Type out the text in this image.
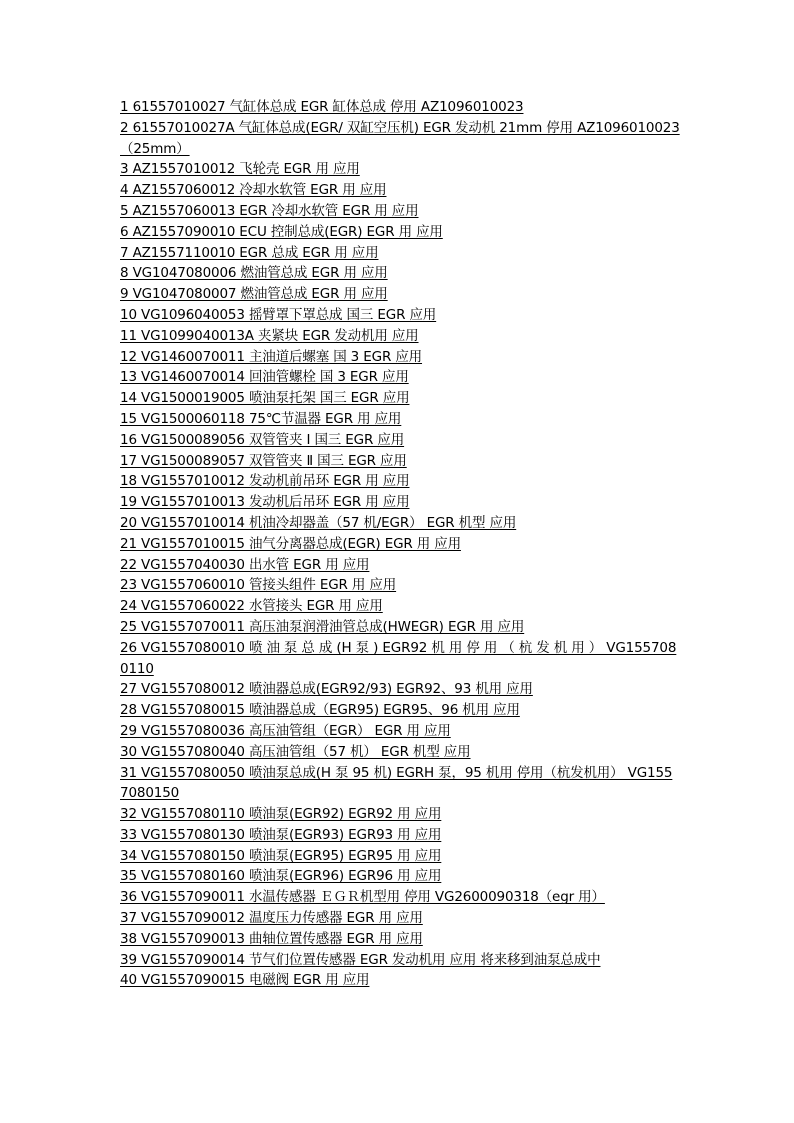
1 61557010027 气缸体总成 EGR 缸体总成 停用 AZ1096010023
2 61557010027A 气缸体总成(EGR/ 双缸空压机) EGR 发动机 21mm 停用 AZ1096010023（25mm）
3 AZ1557010012 飞轮壳 EGR 用 应用
4 AZ1557060012 冷却水软管 EGR 用 应用
5 AZ1557060013 EGR 冷却水软管 EGR 用 应用
6 AZ1557090010 ECU 控制总成(EGR) EGR 用 应用
7 AZ1557110010 EGR 总成 EGR 用 应用
8 VG1047080006 燃油管总成 EGR 用 应用
9 VG1047080007 燃油管总成 EGR 用 应用
10 VG1096040053 摇臂罩下罩总成 国三 EGR 应用
11 VG1099040013A 夹紧块 EGR 发动机用 应用
12 VG1460070011 主油道后螺塞 国 3 EGR 应用
13 VG1460070014 回油管螺栓 国 3 EGR 应用
14 VG1500019005 喷油泵托架 国三 EGR 应用
15 VG1500060118 75℃节温器 EGR 用 应用
16 VG1500089056 双管管夹 I 国三 EGR 应用
17 VG1500089057 双管管夹 Ⅱ 国三 EGR 应用
18 VG1557010012 发动机前吊环 EGR 用 应用
19 VG1557010013 发动机后吊环 EGR 用 应用
20 VG1557010014 机油冷却器盖（57 机/EGR） EGR 机型 应用
21 VG1557010015 油气分离器总成(EGR) EGR 用 应用
22 VG1557040030 出水管 EGR 用 应用
23 VG1557060010 管接头组件 EGR 用 应用
24 VG1557060022 水管接头 EGR 用 应用
25 VG1557070011 高压油泵润滑油管总成(HWEGR) EGR 用 应用
26 VG1557080010 喷 油 泵 总 成 (H 泵 ) EGR92 机 用 停 用 （ 杭 发 机 用 ） VG1557080110
27 VG1557080012 喷油器总成(EGR92/93) EGR92、93 机用 应用
28 VG1557080015 喷油器总成（EGR95) EGR95、96 机用 应用
29 VG1557080036 高压油管组（EGR） EGR 用 应用
30 VG1557080040 高压油管组（57 机） EGR 机型 应用
31 VG1557080050 喷油泵总成(H 泵 95 机) EGRH 泵，95 机用 停用（杭发机用） VG1557080150
32 VG1557080110 喷油泵(EGR92) EGR92 用 应用
33 VG1557080130 喷油泵(EGR93) EGR93 用 应用
34 VG1557080150 喷油泵(EGR95) EGR95 用 应用
35 VG1557080160 喷油泵(EGR96) EGR96 用 应用
36 VG1557090011 水温传感器 ＥＧＲ机型用 停用 VG2600090318（egr 用）
37 VG1557090012 温度压力传感器 EGR 用 应用
38 VG1557090013 曲轴位置传感器 EGR 用 应用
39 VG1557090014 节气们位置传感器 EGR 发动机用 应用 将来移到油泵总成中
40 VG1557090015 电磁阀 EGR 用 应用
